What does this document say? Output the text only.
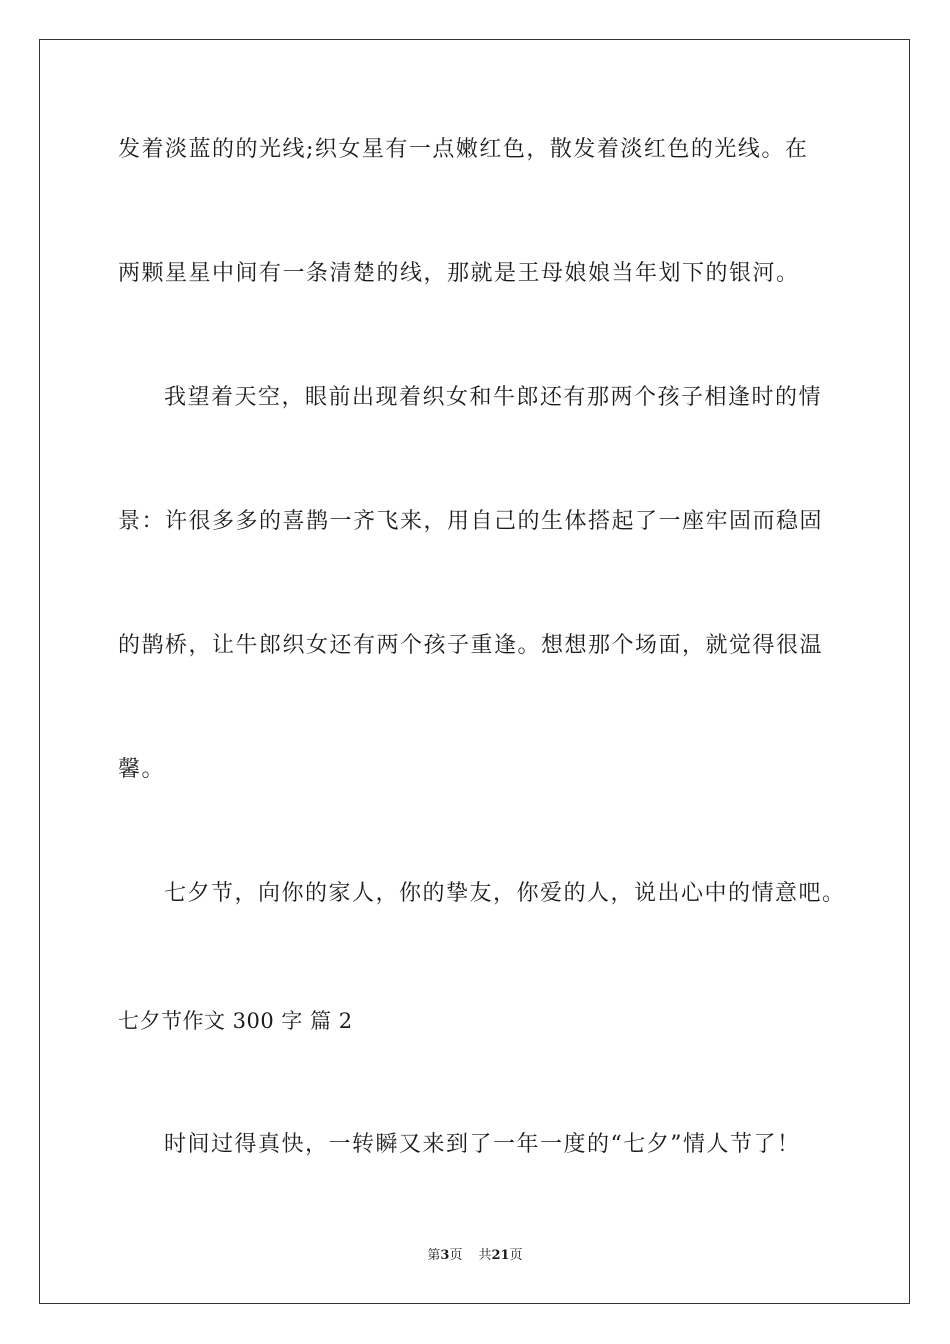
发着淡蓝的的光线;织女星有一点嫩红色，散发着淡红色的光线。在
两颗星星中间有一条清楚的线，那就是王母娘娘当年划下的银河。
我望着天空，眼前出现着织女和牛郎还有那两个孩子相逢时的情
景：许很多多的喜鹊一齐飞来，用自己的生体搭起了一座牢固而稳固
的鹊桥，让牛郎织女还有两个孩子重逢。想想那个场面，就觉得很温
馨。
七夕节，向你的家人，你的挚友，你爱的人，说出心中的情意吧。
七夕节作文 300 字 篇 2
时间过得真快，一转瞬又来到了一年一度的“七夕”情人节了！
第3页 共21页
